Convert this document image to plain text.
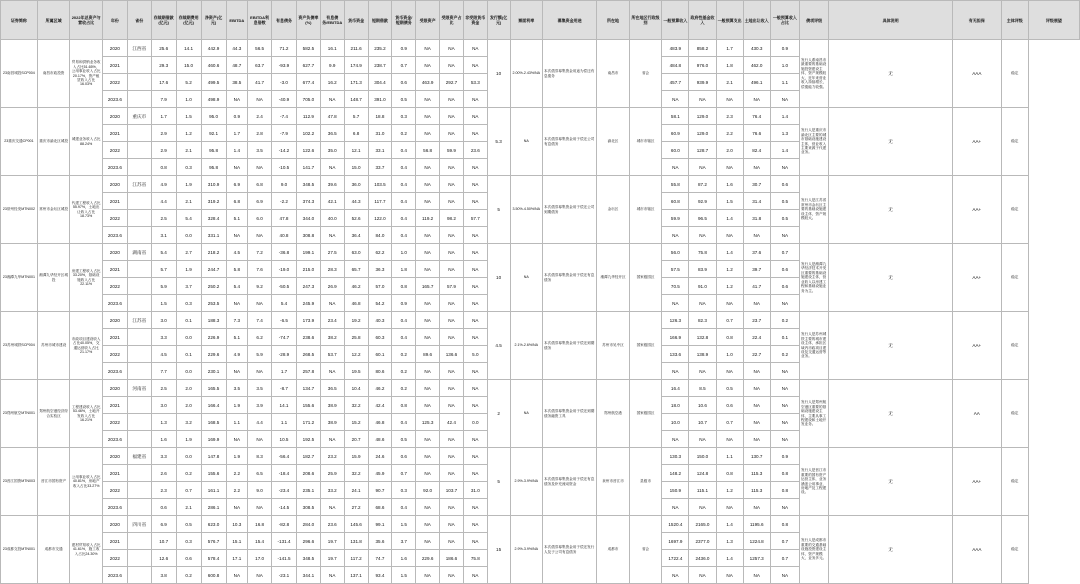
证券简称	所属区域	2022年总资产与营收占比	年份	省份	存续期借款(亿元)	存续期费用(亿元)	净资产(亿元)	EBITDA	EBITDA利息倍数	有息债务	资产负债率(%)	有息债务/EBITDA	货币资金	短期借款	货币资金/短期债务	受限资产	受限资产占比	非受限货币资金	发行额(亿元)	票面利率	募集资金用途	所在地	所在地区行政级别	一般预算收入	政府性基金收入	一般预算支出	土地出让收入	一般预算收入占比	债项评级	具体说明	有无担保	主体评级	评级展望
23南昌城投SCP004	南昌市政投资	贸易和供销业务收入占比51.65%，公用事业收入占比20.17%，资产租赁收入占比16.03%	2020	江西省	25.6	14.1	442.9	44.3	56.5	71.2	582.5	16.1	211.6	235.2	0.9	NA	NA	NA	10	2.00%-2.43%/NA	本次债券募集资金用途为偿还有息债务	南昌市	省会	483.9	858.2	1.7	430.3	0.9	发行人系南昌市最重要的基础设施投资建设主体，资产规模较大，近年来营业收入持续增长，偿债能力较强。	无	AAA	稳定	
			2021		29.3	15.0	460.6	48.7	63.7	-93.9	627.7	9.9	174.9	238.7	0.7	NA	NA	NA						484.8	976.0	1.8	462.0	1.0					
			2022		17.6	5.2	499.5	38.5	41.7	-3.0	677.4	16.2	171.3	304.4	0.6	463.9	292.7	53.3						457.7	939.9	2.1	496.1	1.1					
			2023.6		7.9	1.0	498.9	NA	NA	-40.9	705.0	NA	148.7	391.0	0.5	NA	NA	NA						NA	NA	NA	NA	NA					
23重庆交通CP001	重庆市渝北区城投	城建业务收入占比88.24%	2020	重庆市	1.7	1.5	95.0	0.9	2.4	-7.4	112.9	47.8	5.7	18.8	0.3	NA	NA	NA	5.3	NA	本次债券募集资金用于偿还公司有息债务	渝北区	城市市辖区	58.1	129.0	2.3	76.4	1.4	发行人是重庆市渝北区主要的城市基础设施建设主体，营业收入主要来源于代建业务。	无	AA+	稳定	
			2021		2.9	1.2	92.1	1.7	2.8	-7.9	102.2	36.5	6.8	31.0	0.2	NA	NA	NA						60.9	129.0	2.2	76.6	1.3					
			2022		2.9	2.1	95.8	1.4	3.5	-14.2	122.6	35.0	12.1	33.1	0.4	56.8	59.9	23.6						60.0	128.7	2.0	82.4	1.4					
			2023.6		0.8	0.3	95.8	NA	NA	-10.5	141.7	NA	15.0	33.7	0.4	NA	NA	NA						NA	NA	NA	NA	NA					
23常州经发MTN002	常州市金坛区城投	代建工程收入占比55.97%，土地出让收入占比18.73%	2020	江苏省	4.9	1.9	310.9	6.9	6.8	9.0	348.5	39.6	36.0	103.5	0.4	NA	NA	NA	5	3.50%-4.50%/NA	本次债券募集资金用于偿还公司到期债务	金坛区	城市市辖区	55.8	87.2	1.6	30.7	0.6	发行人是江苏省常州市金坛区主要的基础设施建设主体，资产规模较大。	无	AA+	稳定	
			2021		4.4	2.1	319.2	6.8	6.9	-2.2	374.3	42.1	44.3	117.7	0.4	NA	NA	NA						60.8	92.9	1.5	31.4	0.5					
			2022		2.5	5.4	328.4	5.1	6.0	47.8	344.0	40.0	52.6	122.0	0.4	119.2	98.2	57.7						59.9	96.5	1.4	31.8	0.5					
			2023.6		3.1	0.0	331.1	NA	NA	40.8	308.8	NA	36.4	84.0	0.4	NA	NA	NA						NA	NA	NA	NA	NA					
23湘潭九华MTN001	湘潭九华经开区城投	房建工程收入占比33.20%，基础设施收入占比22.11%	2020	湖南省	5.4	2.7	218.2	4.5	7.2	-36.8	199.1	27.5	63.0	62.2	1.0	NA	NA	NA	10	NA	本次债券募集资金用于偿还有息债务	湘潭九华经开区	国家级园区	56.0	75.8	1.4	37.6	0.7	发行人是湘潭九华经济技术开发区重要的基础设施建设主体，营业收入以房建工程和基础设施业务为主。	无	AA+	稳定	
			2021		5.7	1.9	244.7	5.8	7.6	-19.0	215.0	28.3	65.7	36.3	1.8	NA	NA	NA						57.5	83.9	1.2	39.7	0.6					
			2022		5.9	3.7	250.2	5.4	9.2	-50.5	247.3	26.9	46.2	57.0	0.8	165.7	57.9	NA						70.5	91.0	1.2	41.7	0.6					
			2023.6		1.5	0.3	253.5	NA	NA	5.4	245.9	NA	46.8	54.2	0.9	NA	NA	NA						NA	NA	NA	NA	NA					
23苏州城铁SCP004	苏州市城市建设	市政项目建设收入占比40.05%，交通运营收入占比21.17%	2020	江苏省	3.0	0.1	188.3	7.3	7.4	-6.5	173.9	23.4	19.2	40.3	0.4	NA	NA	NA	4.5	2.1%-2.6%/NA	本次债券募集资金用于偿还到期债务	苏州市吴中区	国家级园区	126.3	82.3	0.7	23.7	0.2	发行人是苏州城铁主要的城市建设主体，承担区域内市政项目建设及交通运营等业务。	无	AA+	稳定	
			2021		3.3	0.0	226.9	5.1	6.2	-74.7	238.6	38.2	25.8	60.3	0.4	NA	NA	NA						166.9	132.8	0.8	22.4	0.1					
			2022		4.5	0.1	229.6	4.9	5.9	-28.9	268.5	53.7	12.2	60.1	0.2	89.6	136.6	5.0						133.6	138.9	1.0	22.7	0.2					
			2023.6		7.7	0.0	230.1	NA	NA	1.7	257.8	NA	19.5	80.6	0.2	NA	NA	NA						NA	NA	NA	NA	NA					
23郑州航空MTN001	郑州航空港经济综合实验区	工程建设收入占比53.46%，土地开发收入占比16.21%	2020	河南省	2.5	2.0	165.5	3.5	3.5	-8.7	134.7	36.5	10.4	46.2	0.2	NA	NA	NA	2	NA	本次债券募集资金用于偿还到期债务融资工具	郑州航空港	国家级园区	16.4	8.5	0.5	NA	NA	发行人是郑州航空港区重要的基础设施建设主体，主要从事工程建设和土地开发业务。	无	AA	稳定	
			2021		3.0	2.0	166.4	1.9	3.9	14.1	155.6	38.9	32.2	42.4	0.8	NA	NA	NA						18.0	10.6	0.6	NA	NA					
			2022		1.3	3.2	168.5	1.1	4.4	1.1	171.2	38.9	15.2	46.8	0.4	125.3	42.4	0.0						10.0	10.7	0.7	NA	NA					
			2023.6		1.6	1.9	169.9	NA	NA	10.5	192.5	NA	20.7	48.6	0.5	NA	NA	NA						NA	NA	NA	NA	NA					
23晋江国资MTN003	晋江市国有资产	公用事业收入占比40.81%，房地产收入占比33.27%	2020	福建省	3.3	0.0	147.8	1.9	8.3	-56.4	182.7	23.2	15.9	24.6	0.6	NA	NA	NA	5	2.9%-3.9%/NA	本次债券募集资金用于偿还有息债务及补充流动资金	泉州市晋江市	县级市	130.3	150.0	1.1	130.7	0.9	发行人是晋江市重要的国有资产运营主体，业务涵盖公用事业、房地产及工程建设。	无	AA+	稳定	
			2021		2.6	0.2	155.6	2.2	6.5	-18.4	208.6	25.9	32.2	45.9	0.7	NA	NA	NA						148.2	124.8	0.8	115.3	0.8					
			2022		2.3	0.7	161.1	2.2	9.0	-23.4	235.1	33.2	24.1	90.7	0.3	92.0	103.7	31.0						150.9	115.1	1.2	115.3	0.8					
			2023.6		0.6	2.1	286.1	NA	NA	-14.5	308.5	NA	27.2	68.6	0.4	NA	NA	NA						NA	NA	NA	NA	NA					
23成都交投MTN001	成都市交通	建材贸易收入占比41.61%，施工收入占比24.30%	2020	四川省	6.9	0.5	623.0	10.3	16.8	-82.8	284.0	23.6	145.6	99.1	1.5	NA	NA	NA	15	2.9%-3.9%/NA	本次债券募集资金用于偿还发行人及子公司有息债务	成都市	省会	1520.4	2165.0	1.4	1195.6	0.8	发行人是成都市重要的交通基础设施投资建设主体，资产规模大，业务多元。	无	AAA	稳定	
			2021		10.7	0.3	576.7	15.1	15.4	-131.4	296.6	19.7	131.8	35.6	3.7	NA	NA	NA						1697.9	2377.0	1.3	1224.8	0.7					
			2022		12.6	0.6	578.4	17.1	17.0	-141.5	348.5	19.7	117.2	74.7	1.6	229.6	186.6	75.8						1722.4	2436.0	1.4	1257.3	0.7					
			2023.6		3.8	0.2	600.8	NA	NA	-23.1	344.1	NA	137.1	93.4	1.5	NA	NA	NA						NA	NA	NA	NA	NA					
